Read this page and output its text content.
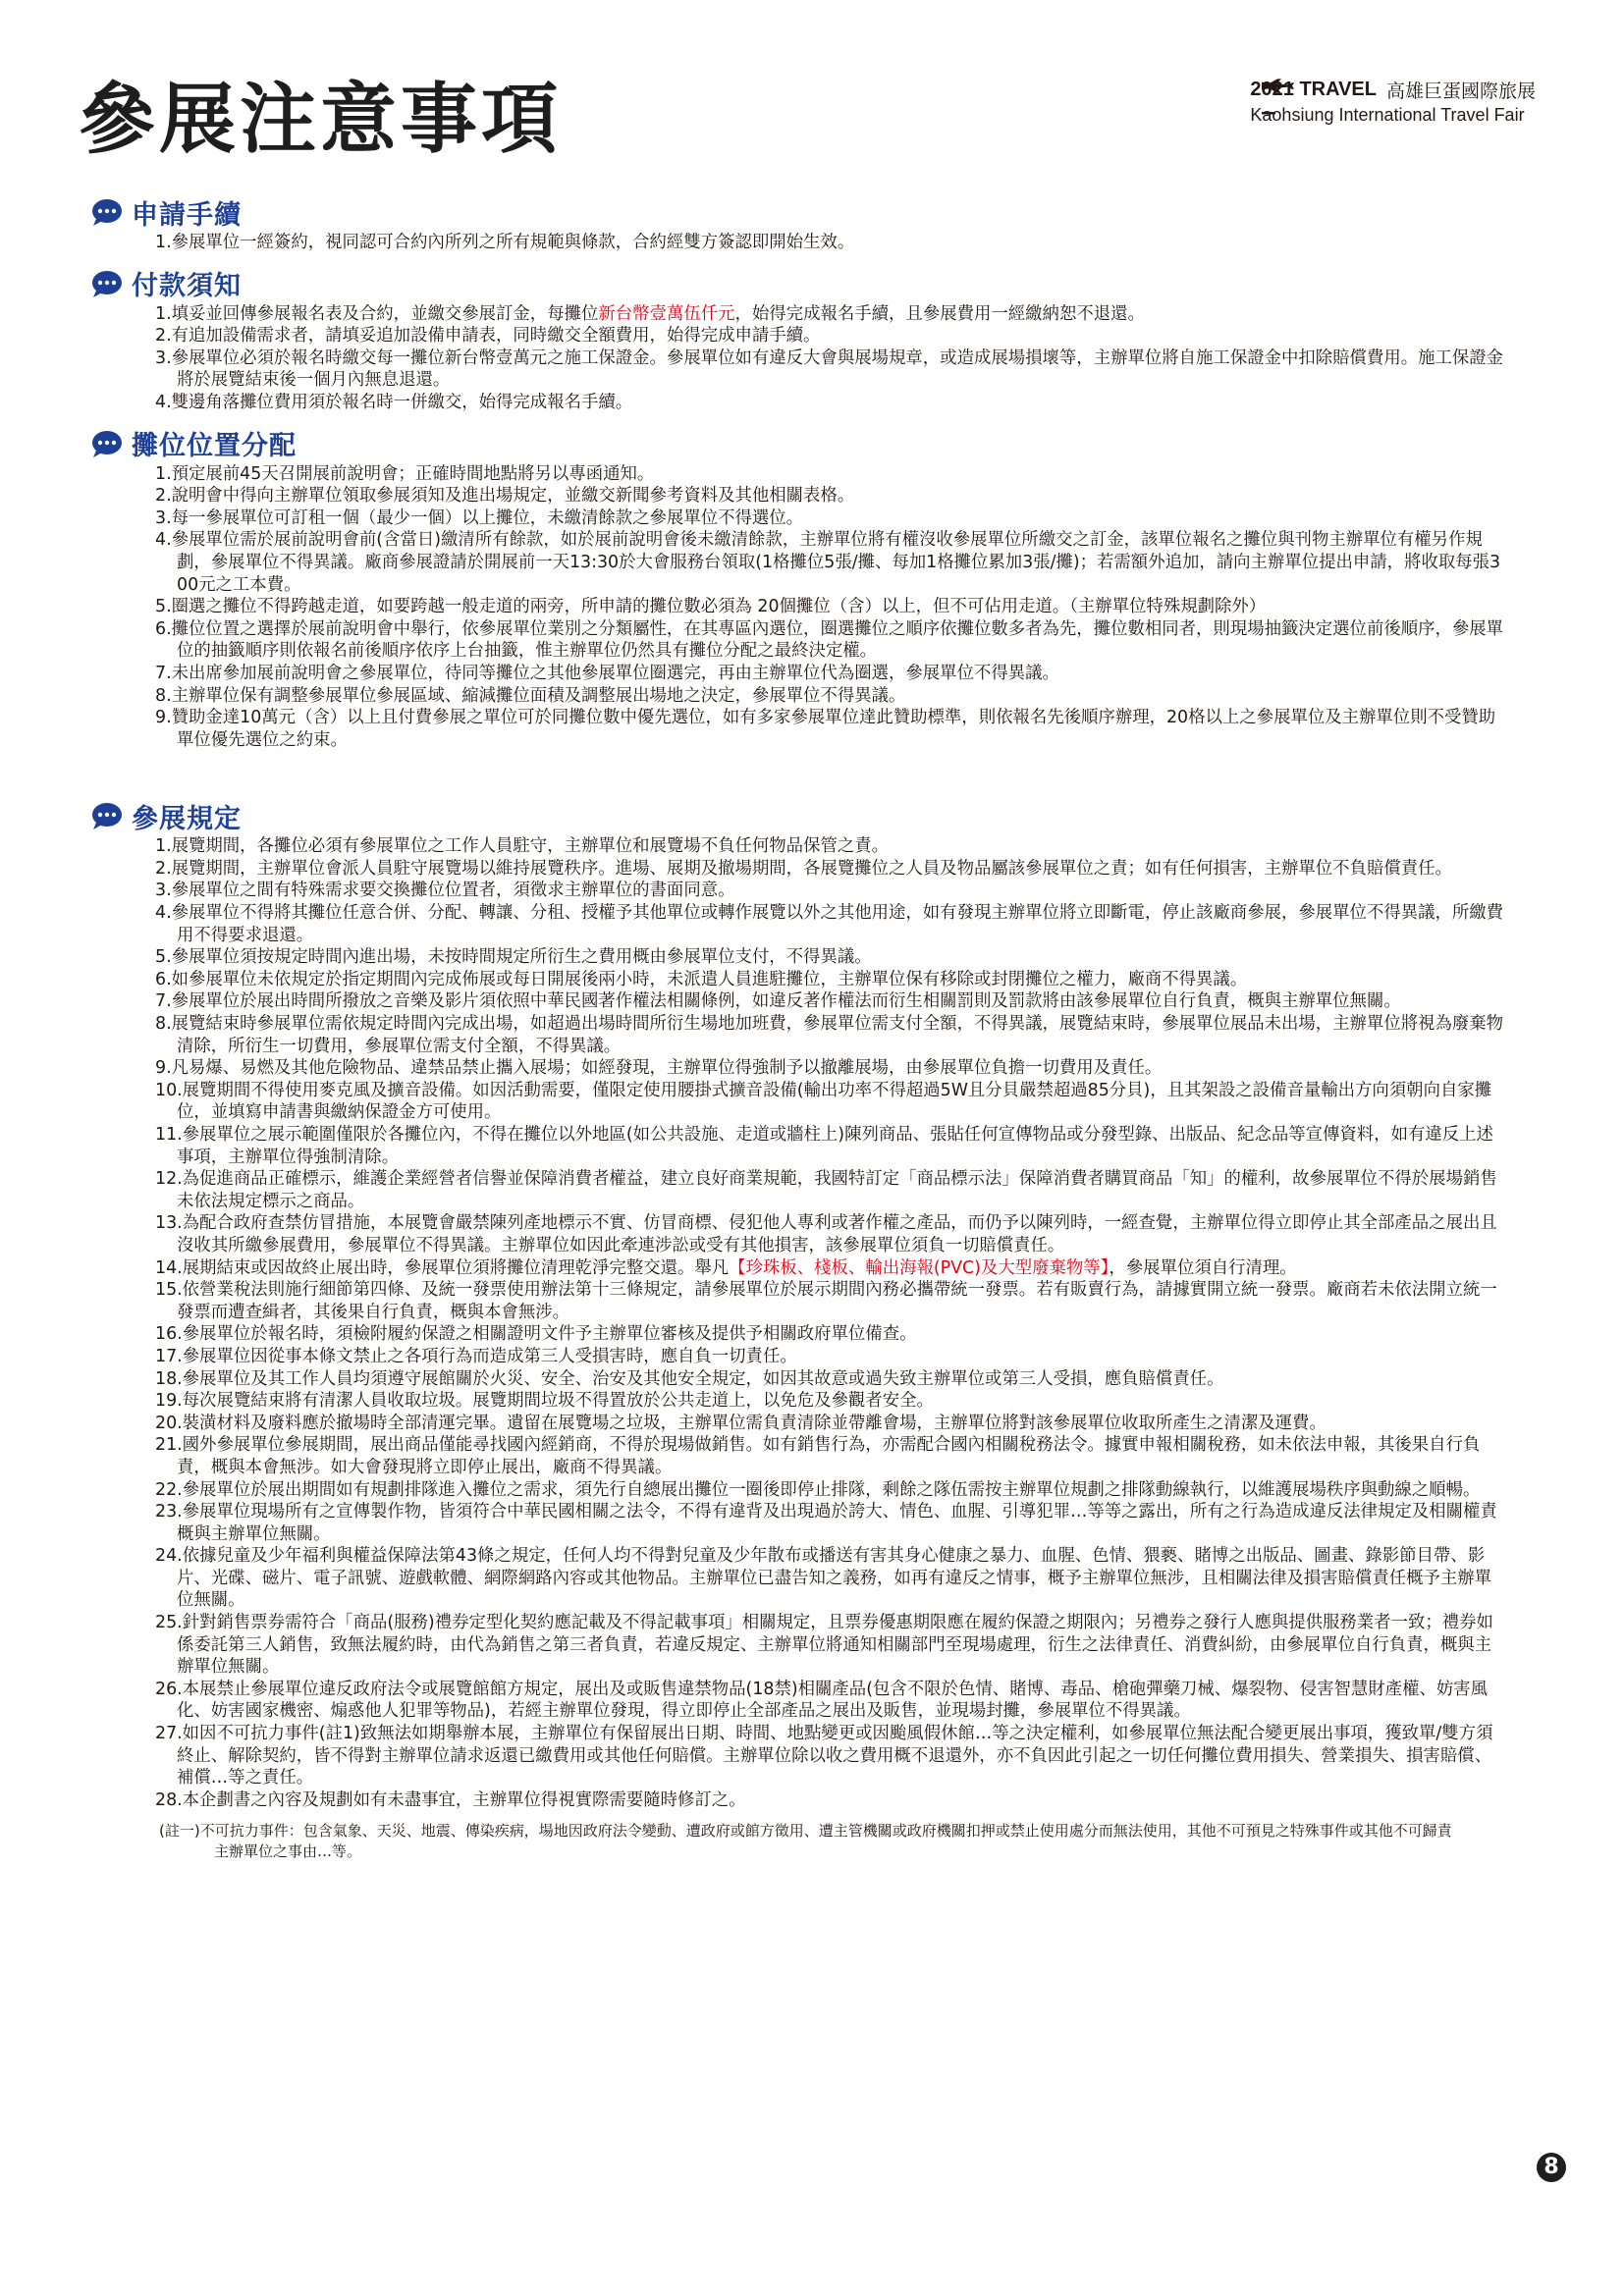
參展注意事項	2021 TRAVEL 高雄巨蛋國際旅展
Kaohsiung International Travel Fair
申請手續
1.參展單位一經簽約，視同認可合約內所列之所有規範與條款，合約經雙方簽認即開始生效。
付款須知
1.填妥並回傳參展報名表及合約，並繳交參展訂金，每攤位新台幣壹萬伍仟元，始得完成報名手續，且參展費用一經繳納恕不退還。
2.有追加設備需求者，請填妥追加設備申請表，同時繳交全額費用，始得完成申請手續。
3.參展單位必須於報名時繳交每一攤位新台幣壹萬元之施工保證金。參展單位如有違反大會與展場規章，或造成展場損壞等，主辦單位將自施工保證金中扣除賠償費用。施工保證金將於展覽結束後一個月內無息退還。
4.雙邊角落攤位費用須於報名時一併繳交，始得完成報名手續。
攤位位置分配
1.預定展前45天召開展前說明會；正確時間地點將另以專函通知。
2.說明會中得向主辦單位領取參展須知及進出場規定，並繳交新聞參考資料及其他相關表格。
3.每一參展單位可訂租一個（最少一個）以上攤位，未繳清餘款之參展單位不得選位。
4.參展單位需於展前說明會前(含當日)繳清所有餘款，如於展前說明會後未繳清餘款，主辦單位將有權沒收參展單位所繳交之訂金，該單位報名之攤位與刊物主辦單位有權另作規劃，參展單位不得異議。廠商參展證請於開展前一天13:30於大會服務台領取(1格攤位5張/攤、每加1格攤位累加3張/攤)；若需額外追加，請向主辦單位提出申請，將收取每張300元之工本費。
5.圈選之攤位不得跨越走道，如要跨越一般走道的兩旁，所申請的攤位數必須為 20個攤位（含）以上，但不可佔用走道。（主辦單位特殊規劃除外）
6.攤位位置之選擇於展前說明會中舉行，依參展單位業別之分類屬性，在其專區內選位，圈選攤位之順序依攤位數多者為先，攤位數相同者，則現場抽籤決定選位前後順序，參展單位的抽籤順序則依報名前後順序依序上台抽籤，惟主辦單位仍然具有攤位分配之最終決定權。
7.未出席參加展前說明會之參展單位，待同等攤位之其他參展單位圈選完，再由主辦單位代為圈選，參展單位不得異議。
8.主辦單位保有調整參展單位參展區域、縮減攤位面積及調整展出場地之決定，參展單位不得異議。
9.贊助金達10萬元（含）以上且付費參展之單位可於同攤位數中優先選位，如有多家參展單位達此贊助標準，則依報名先後順序辦理，20格以上之參展單位及主辦單位則不受贊助單位優先選位之約束。
參展規定
1.展覽期間，各攤位必須有參展單位之工作人員駐守，主辦單位和展覽場不負任何物品保管之責。
2.展覽期間，主辦單位會派人員駐守展覽場以維持展覽秩序。進場、展期及撤場期間，各展覽攤位之人員及物品屬該參展單位之責；如有任何損害，主辦單位不負賠償責任。
3.參展單位之間有特殊需求要交換攤位位置者，須徵求主辦單位的書面同意。
4.參展單位不得將其攤位任意合併、分配、轉讓、分租、授權予其他單位或轉作展覽以外之其他用途，如有發現主辦單位將立即斷電，停止該廠商參展，參展單位不得異議，所繳費用不得要求退還。
5.參展單位須按規定時間內進出場，未按時間規定所衍生之費用概由參展單位支付，不得異議。
6.如參展單位未依規定於指定期間內完成佈展或每日開展後兩小時，未派遣人員進駐攤位，主辦單位保有移除或封閉攤位之權力，廠商不得異議。
7.參展單位於展出時間所撥放之音樂及影片須依照中華民國著作權法相關條例，如違反著作權法而衍生相關罰則及罰款將由該參展單位自行負責，概與主辦單位無關。
8.展覽結束時參展單位需依規定時間內完成出場，如超過出場時間所衍生場地加班費，參展單位需支付全額，不得異議，展覽結束時，參展單位展品未出場，主辦單位將視為廢棄物清除，所衍生一切費用，參展單位需支付全額，不得異議。
9.凡易爆、易燃及其他危險物品、違禁品禁止攜入展場；如經發現，主辦單位得強制予以撤離展場，由參展單位負擔一切費用及責任。
10.展覽期間不得使用麥克風及擴音設備。如因活動需要，僅限定使用腰掛式擴音設備(輸出功率不得超過5W且分貝嚴禁超過85分貝)，且其架設之設備音量輸出方向須朝向自家攤位，並填寫申請書與繳納保證金方可使用。
11.參展單位之展示範圍僅限於各攤位內，不得在攤位以外地區(如公共設施、走道或牆柱上)陳列商品、張貼任何宣傳物品或分發型錄、出版品、紀念品等宣傳資料，如有違反上述事項，主辦單位得強制清除。
12.為促進商品正確標示，維護企業經營者信譽並保障消費者權益，建立良好商業規範，我國特訂定「商品標示法」保障消費者購買商品「知」的權利，故參展單位不得於展場銷售未依法規定標示之商品。
13.為配合政府查禁仿冒措施，本展覽會嚴禁陳列產地標示不實、仿冒商標、侵犯他人專利或著作權之產品，而仍予以陳列時，一經查覺，主辦單位得立即停止其全部產品之展出且沒收其所繳參展費用，參展單位不得異議。主辦單位如因此牽連涉訟或受有其他損害，該參展單位須負一切賠償責任。
14.展期結束或因故終止展出時，參展單位須將攤位清理乾淨完整交還。舉凡【珍珠板、棧板、輸出海報(PVC)及大型廢棄物等】，參展單位須自行清理。
15.依營業稅法則施行細節第四條、及統一發票使用辦法第十三條規定，請參展單位於展示期間內務必攜帶統一發票。若有販賣行為，請據實開立統一發票。廠商若未依法開立統一發票而遭查緝者，其後果自行負責，概與本會無涉。
16.參展單位於報名時，須檢附履約保證之相關證明文件予主辦單位審核及提供予相關政府單位備查。
17.參展單位因從事本條文禁止之各項行為而造成第三人受損害時，應自負一切責任。
18.參展單位及其工作人員均須遵守展館關於火災、安全、治安及其他安全規定，如因其故意或過失致主辦單位或第三人受損，應負賠償責任。
19.每次展覽結束將有清潔人員收取垃圾。展覽期間垃圾不得置放於公共走道上，以免危及參觀者安全。
20.裝潢材料及廢料應於撤場時全部清運完畢。遺留在展覽場之垃圾，主辦單位需負責清除並帶離會場，主辦單位將對該參展單位收取所產生之清潔及運費。
21.國外參展單位參展期間，展出商品僅能尋找國內經銷商，不得於現場做銷售。如有銷售行為，亦需配合國內相關稅務法令。據實申報相關稅務，如未依法申報，其後果自行負責，概與本會無涉。如大會發現將立即停止展出，廠商不得異議。
22.參展單位於展出期間如有規劃排隊進入攤位之需求，須先行自總展出攤位一圈後即停止排隊，剩餘之隊伍需按主辦單位規劃之排隊動線執行，以維護展場秩序與動線之順暢。
23.參展單位現場所有之宣傳製作物，皆須符合中華民國相關之法令，不得有違背及出現過於誇大、情色、血腥、引導犯罪…等等之露出，所有之行為造成違反法律規定及相關權責概與主辦單位無關。
24.依據兒童及少年福利與權益保障法第43條之規定，任何人均不得對兒童及少年散布或播送有害其身心健康之暴力、血腥、色情、猥褻、賭博之出版品、圖畫、錄影節目帶、影片、光碟、磁片、電子訊號、遊戲軟體、網際網路內容或其他物品。主辦單位已盡告知之義務，如再有違反之情事，概予主辦單位無涉，且相關法律及損害賠償責任概予主辦單位無關。
25.針對銷售票券需符合「商品(服務)禮券定型化契約應記載及不得記載事項」相關規定，且票券優惠期限應在履約保證之期限內；另禮券之發行人應與提供服務業者一致；禮券如係委託第三人銷售，致無法履約時，由代為銷售之第三者負責，若違反規定、主辦單位將通知相關部門至現場處理，衍生之法律責任、消費糾紛，由參展單位自行負責，概與主辦單位無關。
26.本展禁止參展單位違反政府法令或展覽館館方規定，展出及或販售違禁物品(18禁)相關產品(包含不限於色情、賭博、毒品、槍砲彈藥刀械、爆裂物、侵害智慧財產權、妨害風化、妨害國家機密、煽惑他人犯罪等物品)，若經主辦單位發現，得立即停止全部產品之展出及販售，並現場封攤，參展單位不得異議。
27.如因不可抗力事件(註1)致無法如期舉辦本展，主辦單位有保留展出日期、時間、地點變更或因颱風假休館…等之決定權利，如參展單位無法配合變更展出事項，獲致單/雙方須終止、解除契約，皆不得對主辦單位請求返還已繳費用或其他任何賠償。主辦單位除以收之費用概不退還外，亦不負因此引起之一切任何攤位費用損失、營業損失、損害賠償、補償…等之責任。
28.本企劃書之內容及規劃如有未盡事宜，主辦單位得視實際需要隨時修訂之。
(註一)不可抗力事件：包含氣象、天災、地震、傳染疾病，場地因政府法令變動、遭政府或館方徵用、遭主管機關或政府機關扣押或禁止使用處分而無法使用，其他不可預見之特殊事件或其他不可歸責主辦單位之事由…等。
8
